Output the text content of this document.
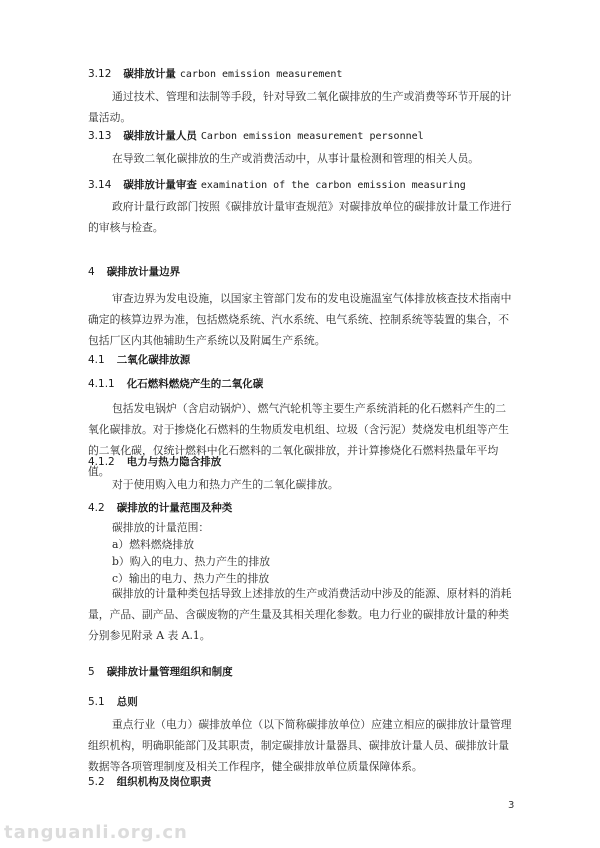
3.12 碳排放计量 carbon emission measurement
通过技术、管理和法制等手段，针对导致二氧化碳排放的生产或消费等环节开展的计量活动。
3.13 碳排放计量人员 Carbon emission measurement personnel
在导致二氧化碳排放的生产或消费活动中，从事计量检测和管理的相关人员。
3.14 碳排放计量审查 examination of the carbon emission measuring
政府计量行政部门按照《碳排放计量审查规范》对碳排放单位的碳排放计量工作进行的审核与检查。
4 碳排放计量边界
审查边界为发电设施，以国家主管部门发布的发电设施温室气体排放核查技术指南中确定的核算边界为准，包括燃烧系统、汽水系统、电气系统、控制系统等装置的集合，不包括厂区内其他辅助生产系统以及附属生产系统。
4.1 二氧化碳排放源
4.1.1 化石燃料燃烧产生的二氧化碳
包括发电锅炉（含启动锅炉）、燃气汽轮机等主要生产系统消耗的化石燃料产生的二氧化碳排放。对于掺烧化石燃料的生物质发电机组、垃圾（含污泥）焚烧发电机组等产生的二氧化碳，仅统计燃料中化石燃料的二氧化碳排放，并计算掺烧化石燃料热量年平均值。
4.1.2 电力与热力隐含排放
对于使用购入电力和热力产生的二氧化碳排放。
4.2 碳排放的计量范围及种类
碳排放的计量范围：
a）燃料燃烧排放
b）购入的电力、热力产生的排放
c）输出的电力、热力产生的排放
碳排放的计量种类包括导致上述排放的生产或消费活动中涉及的能源、原材料的消耗量，产品、副产品、含碳废物的产生量及其相关理化参数。电力行业的碳排放计量的种类分别参见附录 A 表 A.1。
5 碳排放计量管理组织和制度
5.1 总则
重点行业（电力）碳排放单位（以下简称碳排放单位）应建立相应的碳排放计量管理组织机构，明确职能部门及其职责，制定碳排放计量器具、碳排放计量人员、碳排放计量数据等各项管理制度及相关工作程序，健全碳排放单位质量保障体系。
5.2 组织机构及岗位职责
3
tanguanli.org.cn
